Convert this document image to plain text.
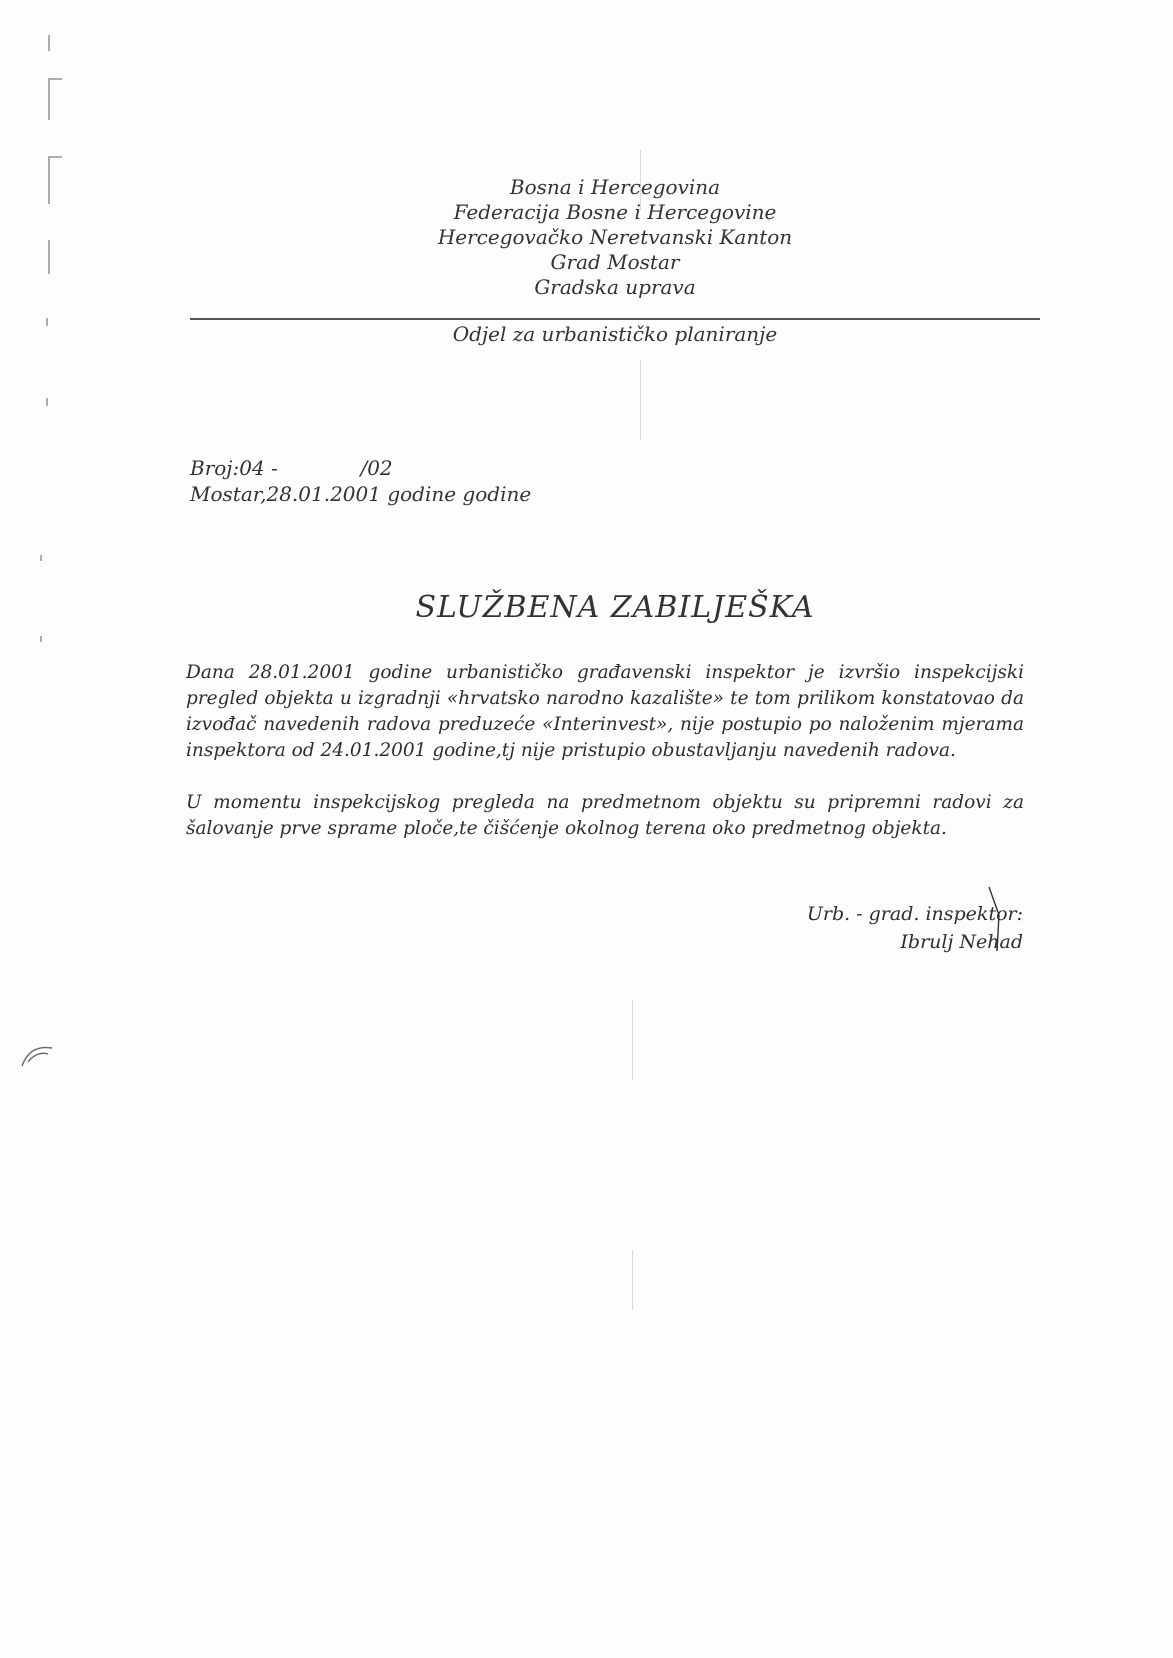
Bosna i Hercegovina
Federacija Bosne i Hercegovine
Hercegovačko Neretvanski Kanton
Grad Mostar
Gradska uprava
Odjel za urbanističko planiranje
Broj:04 -             /02
Mostar,28.01.2001 godine godine
SLUŽBENA ZABILJEŠKA

Dana 28.01.2001 godine urbanističko građavenski inspektor je izvršio inspekcijski pregled objekta u izgradnji «hrvatsko narodno kazalište» te tom prilikom konstatovao da izvođač navedenih radova preduzeće «Interinvest», nije postupio po naloženim mjerama inspektora od 24.01.2001 godine,tj nije pristupio obustavljanju navedenih radova.

U momentu inspekcijskog pregleda na predmetnom objektu su pripremni radovi za šalovanje prve sprame ploče,te čišćenje okolnog terena oko predmetnog objekta.

Urb. - grad. inspektor:
Ibrulj Nehad
